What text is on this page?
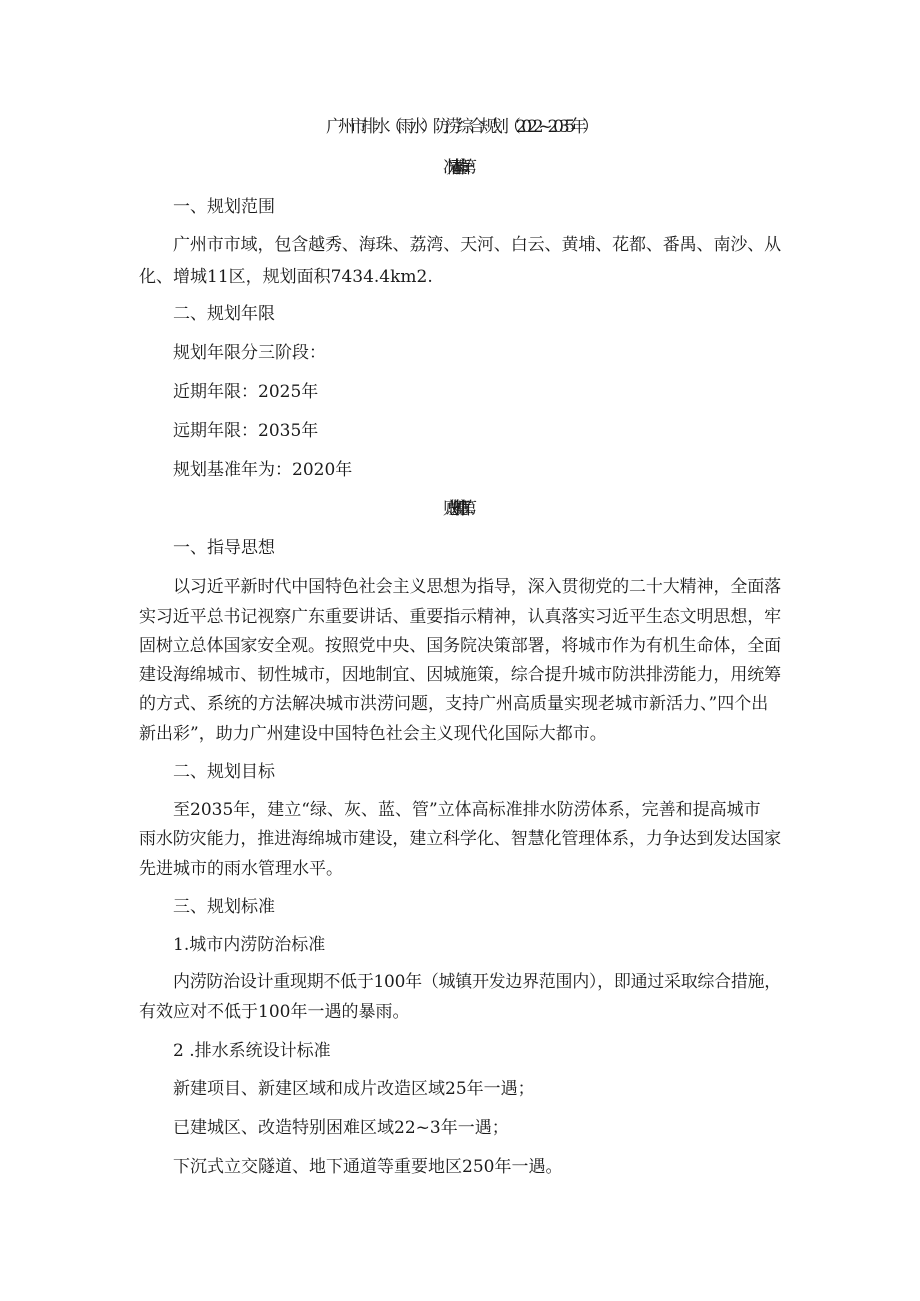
广州市排水（雨水）防涝综合规划（2022~2035年）
一、规划范围
广州市市域，包含越秀、海珠、荔湾、天河、白云、黄埔、花都、番禺、南沙、从
化、增城11区，规划面积7434.4km2.
二、规划年限
规划年限分三阶段：
近期年限：2025年
远期年限：2035年
规划基准年为：2020年
一、指导思想
以习近平新时代中国特色社会主义思想为指导，深入贯彻党的二十大精神，全面落
实习近平总书记视察广东重要讲话、重要指示精神，认真落实习近平生态文明思想，牢
固树立总体国家安全观。按照党中央、国务院决策部署，将城市作为有机生命体，全面
建设海绵城市、韧性城市，因地制宜、因城施策，综合提升城市防洪排涝能力，用统筹
的方式、系统的方法解决城市洪涝问题，支持广州高质量实现老城市新活力、”四个出
新出彩”，助力广州建设中国特色社会主义现代化国际大都市。
二、规划目标
至2035年，建立“绿、灰、蓝、管”立体高标准排水防涝体系，完善和提高城市
雨水防灾能力，推进海绵城市建设，建立科学化、智慧化管理体系，力争达到发达国家
先进城市的雨水管理水平。
三、规划标准
1.城市内涝防治标准
内涝防治设计重现期不低于100年（城镇开发边界范围内），即通过采取综合措施，
有效应对不低于100年一遇的暴雨。
2 .排水系统设计标准
新建项目、新建区域和成片改造区域25年一遇；
已建城区、改造特别困难区域22~3年一遇；
下沉式立交隧道、地下通道等重要地区250年一遇。
